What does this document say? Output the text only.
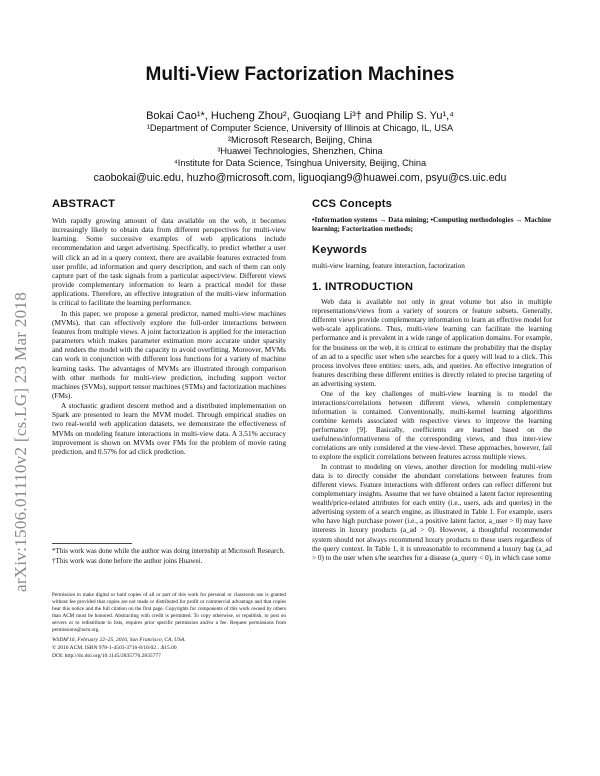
arXiv:1506.01110v2 [cs.LG] 23 Mar 2018
Multi-View Factorization Machines
Bokai Cao¹*, Hucheng Zhou², Guoqiang Li³† and Philip S. Yu¹,⁴
¹Department of Computer Science, University of Illinois at Chicago, IL, USA
²Microsoft Research, Beijing, China
³Huawei Technologies, Shenzhen, China
⁴Institute for Data Science, Tsinghua University, Beijing, China
caobokai@uic.edu, huzho@microsoft.com, liguoqiang9@huawei.com, psyu@cs.uic.edu
ABSTRACT

With rapidly growing amount of data available on the web, it becomes increasingly likely to obtain data from different perspectives for multi-view learning. Some successive examples of web applications include recommendation and target advertising. Specifically, to predict whether a user will click an ad in a query context, there are available features extracted from user profile, ad information and query description, and each of them can only capture part of the task signals from a particular aspect/view. Different views provide complementary information to learn a practical model for these applications. Therefore, an effective integration of the multi-view information is critical to facilitate the learning performance.

In this paper, we propose a general predictor, named multi-view machines (MVMs), that can effectively explore the full-order interactions between features from multiple views. A joint factorization is applied for the interaction parameters which makes parameter estimation more accurate under sparsity and renders the model with the capacity to avoid overfitting. Moreover, MVMs can work in conjunction with different loss functions for a variety of machine learning tasks. The advantages of MVMs are illustrated through comparison with other methods for multi-view prediction, including support vector machines (SVMs), support tensor machines (STMs) and factorization machines (FMs).

A stochastic gradient descent method and a distributed implementation on Spark are presented to learn the MVM model. Through empirical studies on two real-world web application datasets, we demonstrate the effectiveness of MVMs on modeling feature interactions in multi-view data. A 3.51% accuracy improvement is shown on MVMs over FMs for the problem of movie rating prediction, and 0.57% for ad click prediction.

*This work was done while the author was doing internship at Microsoft Research.

†This work was done before the author joins Huawei.

Permission to make digital or hard copies of all or part of this work for personal or classroom use is granted without fee provided that copies are not made or distributed for profit or commercial advantage and that copies bear this notice and the full citation on the first page. Copyrights for components of this work owned by others than ACM must be honored. Abstracting with credit is permitted. To copy otherwise, or republish, to post on servers or to redistribute to lists, requires prior specific permission and/or a fee. Request permissions from permissions@acm.org.

WSDM'16, February 22–25, 2016, San Francisco, CA, USA.

© 2016 ACM. ISBN 978-1-4503-3716-8/16/02…$15.00

DOI: http://dx.doi.org/10.1145/2835776.2835777

CCS Concepts

•Information systems → Data mining; •Computing methodologies → Machine learning; Factorization methods;

Keywords

multi-view learning, feature interaction, factorization

1. INTRODUCTION

Web data is available not only in great volume but also in multiple representations/views from a variety of sources or feature subsets. Generally, different views provide complementary information to learn an effective model for web-scale applications. Thus, multi-view learning can facilitate the learning performance and is prevalent in a wide range of application domains. For example, for the business on the web, it is critical to estimate the probability that the display of an ad to a specific user when s/he searches for a query will lead to a click. This process involves three entities: users, ads, and queries. An effective integration of features describing these different entities is directly related to precise targeting of an advertising system.

One of the key challenges of multi-view learning is to model the interactions/correlations between different views, wherein complementary information is contained. Conventionally, multi-kernel learning algorithms combine kernels associated with respective views to improve the learning performance [9]. Basically, coefficients are learned based on the usefulness/informativeness of the corresponding views, and thus inter-view correlations are only considered at the view-level. These approaches, however, fail to explore the explicit correlations between features across multiple views.

In contrast to modeling on views, another direction for modeling multi-view data is to directly consider the abundant correlations between features from different views. Feature interactions with different orders can reflect different but complementary insights. Assume that we have obtained a latent factor representing wealth/price-related attributes for each entity (i.e., users, ads and queries) in the advertising system of a search engine, as illustrated in Table 1. For example, users who have high purchase power (i.e., a positive latent factor, a_user > 0) may have interests in luxury products (a_ad > 0). However, a thoughtful recommender system should not always recommend luxury products to these users regardless of the query context. In Table 1, it is unreasonable to recommend a luxury bag (a_ad > 0) to the user when s/he searches for a disease (a_query < 0), in which case some
